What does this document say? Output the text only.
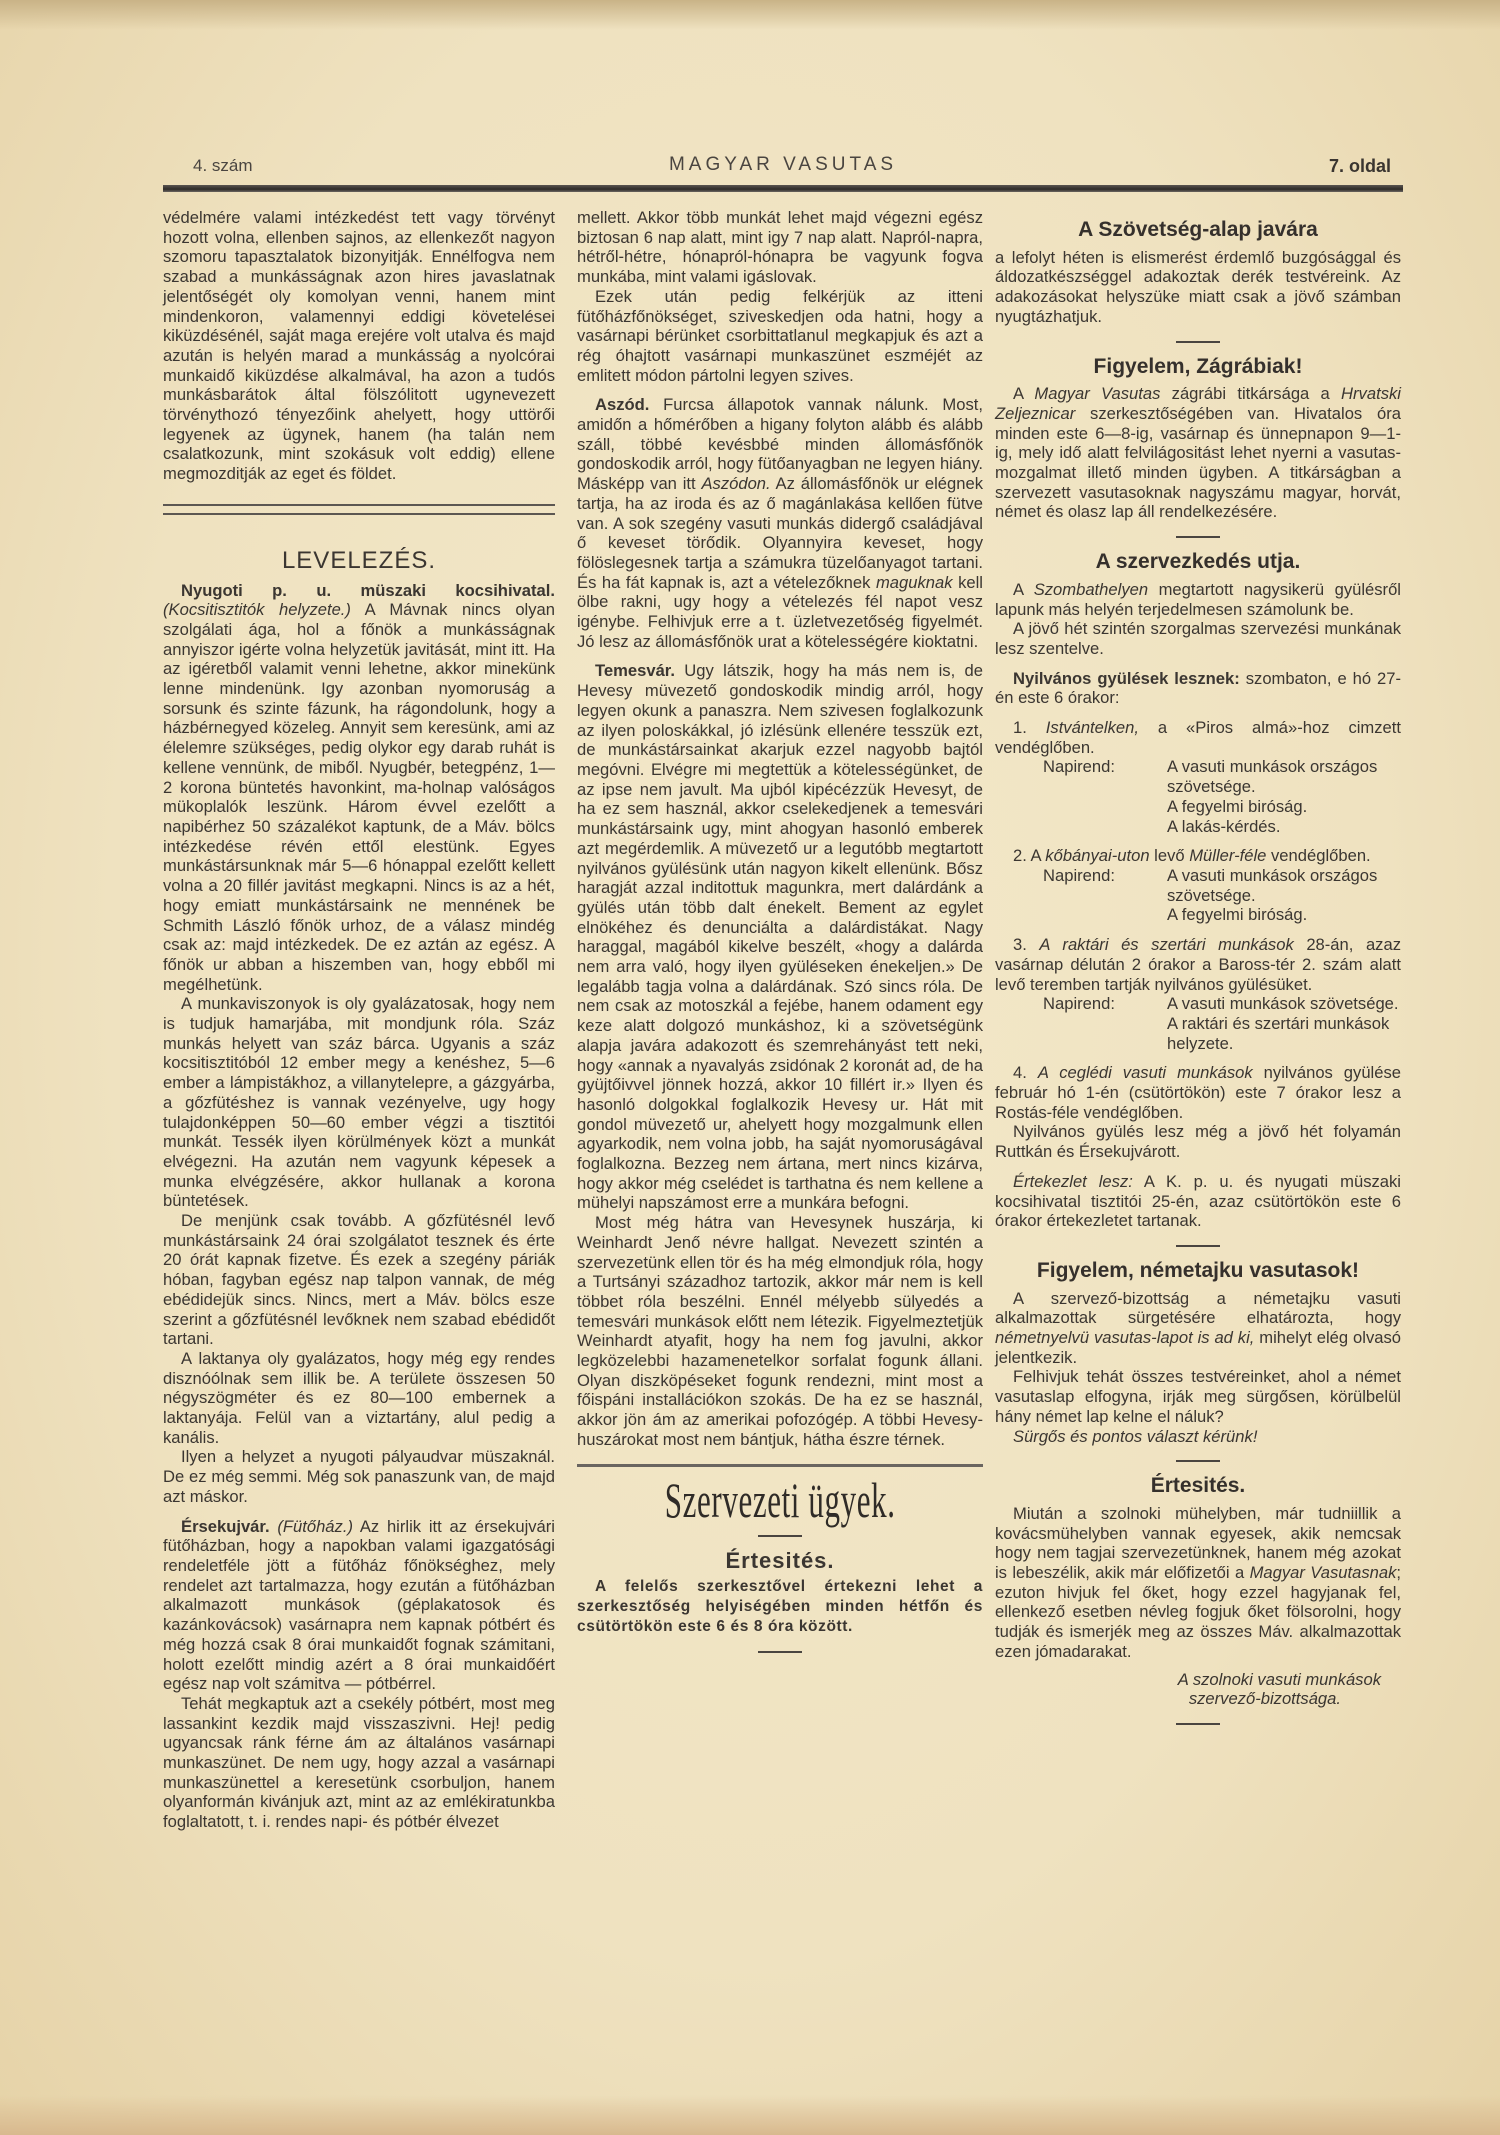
4. szám	MAGYAR VASUTAS	7. oldal

védelmére valami intézkedést tett vagy törvényt hozott volna, ellenben sajnos, az ellenkezőt nagyon szomoru tapasztalatok bizonyitják. Ennélfogva nem szabad a munkásságnak azon hires javaslatnak jelentőségét oly komolyan venni, hanem mint mindenkoron, valamennyi eddigi követelései kiküzdésénél, saját maga erejére volt utalva és majd azután is helyén marad a munkásság a nyolcórai munkaidő kiküzdése alkalmával, ha azon a tudós munkásbarátok által fölszólitott ugynevezett törvénythozó tényezőink ahelyett, hogy uttörői legyenek az ügynek, hanem (ha talán nem csalatkozunk, mint szokásuk volt eddig) ellene megmozditják az eget és földet.

LEVELEZÉS.

Nyugoti p. u. müszaki kocsihivatal. (Kocsitisztitók helyzete.) A Mávnak nincs olyan szolgálati ága, hol a főnök a munkásságnak annyiszor igérte volna helyzetük javitását, mint itt. Ha az igéretből valamit venni lehetne, akkor minekünk lenne mindenünk. Igy azonban nyomoruság a sorsunk és szinte fázunk, ha rágondolunk, hogy a házbérnegyed közeleg. Annyit sem keresünk, ami az élelemre szükséges, pedig olykor egy darab ruhát is kellene vennünk, de miből. Nyugbér, betegpénz, 1—2 korona büntetés havonkint, ma-holnap valóságos mükoplalók leszünk. Három évvel ezelőtt a napibérhez 50 százalékot kaptunk, de a Máv. bölcs intézkedése révén ettől elestünk. Egyes munkástársunknak már 5—6 hónappal ezelőtt kellett volna a 20 fillér javitást megkapni. Nincs is az a hét, hogy emiatt munkástársaink ne mennének be Schmith László főnök urhoz, de a válasz mindég csak az: majd intézkedek. De ez aztán az egész. A főnök ur abban a hiszemben van, hogy ebből mi megélhetünk.

A munkaviszonyok is oly gyalázatosak, hogy nem is tudjuk hamarjába, mit mondjunk róla. Száz munkás helyett van száz bárca. Ugyanis a száz kocsitisztitóból 12 ember megy a kenéshez, 5—6 ember a lámpistákhoz, a villanytelepre, a gázgyárba, a gőzfütéshez is vannak vezényelve, ugy hogy tulajdonképpen 50—60 ember végzi a tisztitói munkát. Tessék ilyen körülmények közt a munkát elvégezni. Ha azután nem vagyunk képesek a munka elvégzésére, akkor hullanak a korona büntetések.

De menjünk csak tovább. A gőzfütésnél levő munkástársaink 24 órai szolgálatot tesznek és érte 20 órát kapnak fizetve. És ezek a szegény páriák hóban, fagyban egész nap talpon vannak, de még ebédidejük sincs. Nincs, mert a Máv. bölcs esze szerint a gőzfütésnél levőknek nem szabad ebédidőt tartani.

A laktanya oly gyalázatos, hogy még egy rendes disznóólnak sem illik be. A területe összesen 50 négyszögméter és ez 80—100 embernek a laktanyája. Felül van a viztartány, alul pedig a kanális.

Ilyen a helyzet a nyugoti pályaudvar müszaknál. De ez még semmi. Még sok panaszunk van, de majd azt máskor.

Érsekujvár. (Fütőház.) Az hirlik itt az érsekujvári fütőházban, hogy a napokban valami igazgatósági rendeletféle jött a fütőház főnökséghez, mely rendelet azt tartalmazza, hogy ezután a fütőházban alkalmazott munkások (géplakatosok és kazánkovácsok) vasárnapra nem kapnak pótbért és még hozzá csak 8 órai munkaidőt fognak számitani, holott ezelőtt mindig azért a 8 órai munkaidőért egész nap volt számitva — pótbérrel.

Tehát megkaptuk azt a csekély pótbért, most meg lassankint kezdik majd visszaszivni. Hej! pedig ugyancsak ránk férne ám az általános vasárnapi munkaszünet. De nem ugy, hogy azzal a vasárnapi munkaszünettel a keresetünk csorbuljon, hanem olyanformán kivánjuk azt, mint az az emlékiratunkba foglaltatott, t. i. rendes napi- és pótbér élvezet

mellett. Akkor több munkát lehet majd végezni egész biztosan 6 nap alatt, mint igy 7 nap alatt. Napról-napra, hétről-hétre, hónapról-hónapra be vagyunk fogva munkába, mint valami igáslovak.

Ezek után pedig felkérjük az itteni fütőházfőnökséget, sziveskedjen oda hatni, hogy a vasárnapi bérünket csorbittatlanul megkapjuk és azt a rég óhajtott vasárnapi munkaszünet eszméjét az emlitett módon pártolni legyen szives.

Aszód. Furcsa állapotok vannak nálunk. Most, amidőn a hőmérőben a higany folyton alább és alább száll, többé kevésbbé minden állomásfőnök gondoskodik arról, hogy fütőanyagban ne legyen hiány. Másképp van itt Aszódon. Az állomásfőnök ur elégnek tartja, ha az iroda és az ő magánlakása kellően fütve van. A sok szegény vasuti munkás didergő családjával ő keveset törődik. Olyannyira keveset, hogy fölöslegesnek tartja a számukra tüzelőanyagot tartani. És ha fát kapnak is, azt a vételezőknek maguknak kell ölbe rakni, ugy hogy a vételezés fél napot vesz igénybe. Felhivjuk erre a t. üzletvezetőség figyelmét. Jó lesz az állomásfőnök urat a kötelességére kioktatni.

Temesvár. Ugy látszik, hogy ha más nem is, de Hevesy müvezető gondoskodik mindig arról, hogy legyen okunk a panaszra. Nem szivesen foglalkozunk az ilyen poloskákkal, jó izlésünk ellenére tesszük ezt, de munkástársainkat akarjuk ezzel nagyobb bajtól megóvni. Elvégre mi megtettük a kötelességünket, de az ipse nem javult. Ma ujból kipécézzük Hevesyt, de ha ez sem használ, akkor cselekedjenek a temesvári munkástársaink ugy, mint ahogyan hasonló emberek azt megérdemlik. A müvezető ur a legutóbb megtartott nyilvános gyülésünk után nagyon kikelt ellenünk. Bősz haragját azzal inditottuk magunkra, mert dalárdánk a gyülés után több dalt énekelt. Bement az egylet elnökéhez és denunciálta a dalárdistákat. Nagy haraggal, magából kikelve beszélt, «hogy a dalárda nem arra való, hogy ilyen gyüléseken énekeljen.» De legalább tagja volna a dalárdának. Szó sincs róla. De nem csak az motoszkál a fejébe, hanem odament egy keze alatt dolgozó munkáshoz, ki a szövetségünk alapja javára adakozott és szemrehányást tett neki, hogy «annak a nyavalyás zsidónak 2 koronát ad, de ha gyüjtőivvel jönnek hozzá, akkor 10 fillért ir.» Ilyen és hasonló dolgokkal foglalkozik Hevesy ur. Hát mit gondol müvezető ur, ahelyett hogy mozgalmunk ellen agyarkodik, nem volna jobb, ha saját nyomoruságával foglalkozna. Bezzeg nem ártana, mert nincs kizárva, hogy akkor még cselédet is tarthatna és nem kellene a mühelyi napszámost erre a munkára befogni.

Most még hátra van Hevesynek huszárja, ki Weinhardt Jenő névre hallgat. Nevezett szintén a szervezetünk ellen tör és ha még elmondjuk róla, hogy a Turtsányi századhoz tartozik, akkor már nem is kell többet róla beszélni. Ennél mélyebb sülyedés a temesvári munkások előtt nem létezik. Figyelmeztetjük Weinhardt atyafit, hogy ha nem fog javulni, akkor legközelebbi hazamenetelkor sorfalat fogunk állani. Olyan diszköpéseket fogunk rendezni, mint most a főispáni installációkon szokás. De ha ez se használ, akkor jön ám az amerikai pofozógép. A többi Hevesy-huszárokat most nem bántjuk, hátha észre térnek.

Szervezeti ügyek.
Értesités.

A felelős szerkesztővel értekezni lehet a szerkesztőség helyiségében minden hétfőn és csütörtökön este 6 és 8 óra között.

A Szövetség-alap javára

a lefolyt héten is elismerést érdemlő buzgósággal és áldozatkészséggel adakoztak derék testvéreink. Az adakozásokat helyszüke miatt csak a jövő számban nyugtázhatjuk.

Figyelem, Zágrábiak!

A Magyar Vasutas zágrábi titkársága a Hrvatski Zeljeznicar szerkesztőségében van. Hivatalos óra minden este 6—8-ig, vasárnap és ünnepnapon 9—1-ig, mely idő alatt felvilágositást lehet nyerni a vasutas-mozgalmat illető minden ügyben. A titkárságban a szervezett vasutasoknak nagyszámu magyar, horvát, német és olasz lap áll rendelkezésére.

A szervezkedés utja.

A Szombathelyen megtartott nagysikerü gyülésről lapunk más helyén terjedelmesen számolunk be.

A jövő hét szintén szorgalmas szervezési munkának lesz szentelve.

Nyilvános gyülések lesznek: szombaton, e hó 27-én este 6 órakor:

1. Istvántelken, a «Piros almá»-hoz cimzett vendéglőben.

Napirend:	A vasuti munkások országos szövetsége.
A fegyelmi biróság.
A lakás-kérdés.

2. A kőbányai-uton levő Müller-féle vendéglőben.

Napirend:	A vasuti munkások országos szövetsége.
A fegyelmi biróság.

3. A raktári és szertári munkások 28-án, azaz vasárnap délután 2 órakor a Baross-tér 2. szám alatt levő teremben tartják nyilvános gyülésüket.

Napirend:	A vasuti munkások szövetsége.
A raktári és szertári munkások helyzete.

4. A ceglédi vasuti munkások nyilvános gyülése február hó 1-én (csütörtökön) este 7 órakor lesz a Rostás-féle vendéglőben.

Nyilvános gyülés lesz még a jövő hét folyamán Ruttkán és Érsekujvárott.

Értekezlet lesz: A K. p. u. és nyugati müszaki kocsihivatal tisztitói 25-én, azaz csütörtökön este 6 órakor értekezletet tartanak.

Figyelem, németajku vasutasok!

A szervező-bizottság a németajku vasuti alkalmazottak sürgetésére elhatározta, hogy németnyelvü vasutas-lapot is ad ki, mihelyt elég olvasó jelentkezik.

Felhivjuk tehát összes testvéreinket, ahol a német vasutaslap elfogyna, irják meg sürgősen, körülbelül hány német lap kelne el náluk?

Sürgős és pontos választ kérünk!

Értesités.

Miután a szolnoki mühelyben, már tudniillik a kovácsmühelyben vannak egyesek, akik nemcsak hogy nem tagjai szervezetünknek, hanem még azokat is lebeszélik, akik már előfizetői a Magyar Vasutasnak; ezuton hivjuk fel őket, hogy ezzel hagyjanak fel, ellenkező esetben névleg fogjuk őket fölsorolni, hogy tudják és ismerjék meg az összes Máv. alkalmazottak ezen jómadarakat.

A szolnoki vasuti munkások
szervező-bizottsága.
